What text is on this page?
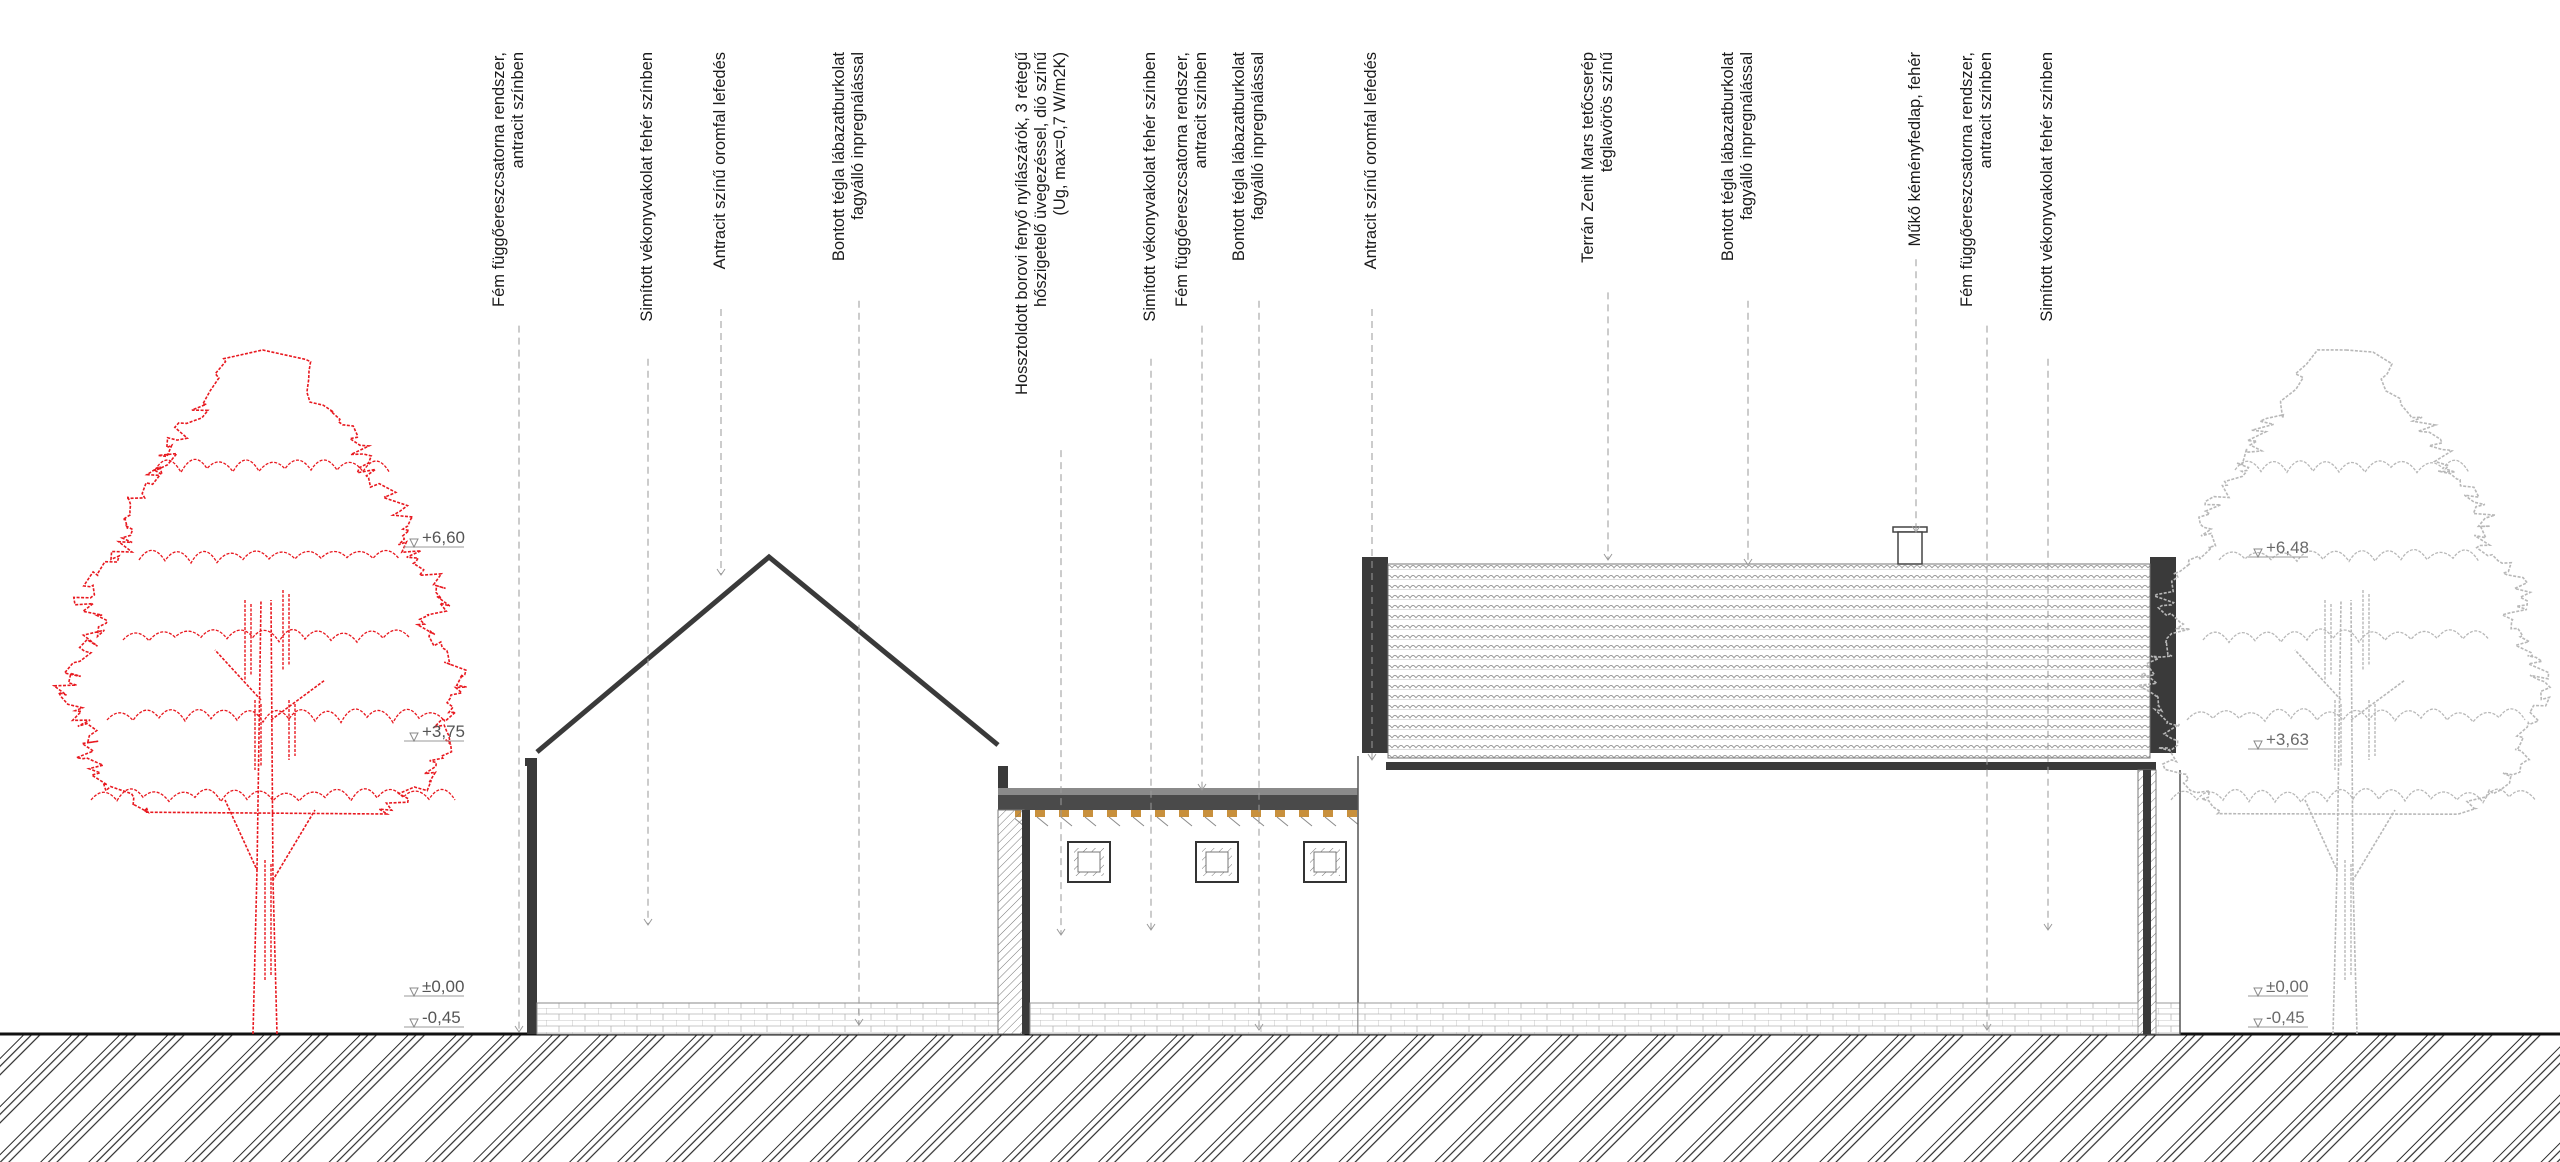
+6,60
+3,75
±0,00
-0,45
+6,48
+3,63
±0,00
-0,45
Fém függőereszcsatorna rendszer,antracit színben	Simított vékonyvakolat fehér színben	Antracit színű oromfal lefedés	Bontott tégla lábazatburkolatfagyálló inpregnálással	Hossztoldott borovi fenyő nyílászárók, 3 rétegűhőszigetelő üvegezéssel, dió színű(Ug, max=0,7 W/m2K)	Simított vékonyvakolat fehér színben Fém függőereszcsatorna rendszer,antracit színben Bontott tégla lábazatburkolatfagyálló inpregnálással	Antracit színű oromfal lefedés	Terrán Zenit Mars tetőcseréptéglavörös színű	Bontott tégla lábazatburkolatfagyálló inpregnálással	Műkő kéményfedlap, fehér Fém függőereszcsatorna rendszer,antracit színben	Simított vékonyvakolat fehér színben
